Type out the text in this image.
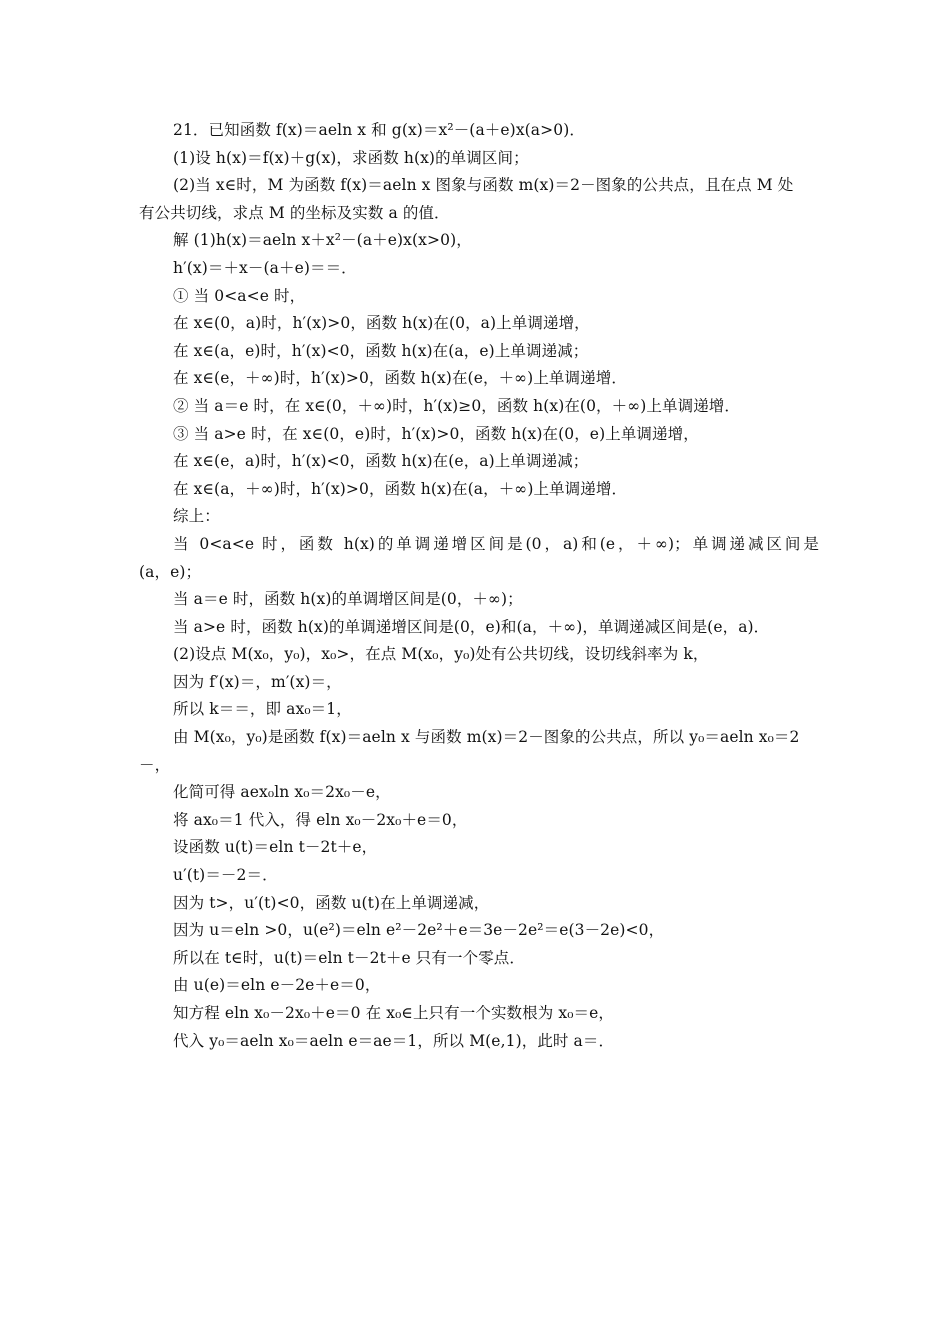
21．已知函数 f(x)＝aeln x 和 g(x)＝x²－(a＋e)x(a>0)．
(1)设 h(x)＝f(x)＋g(x)，求函数 h(x)的单调区间；
(2)当 x∈时，M 为函数 f(x)＝aeln x 图象与函数 m(x)＝2－图象的公共点，且在点 M 处
有公共切线，求点 M 的坐标及实数 a 的值．
解 (1)h(x)＝aeln x＋x²－(a＋e)x(x>0)，
h′(x)＝＋x－(a＋e)＝＝．
① 当 0<a<e 时，
在 x∈(0，a)时，h′(x)>0，函数 h(x)在(0，a)上单调递增，
在 x∈(a，e)时，h′(x)<0，函数 h(x)在(a，e)上单调递减；
在 x∈(e，＋∞)时，h′(x)>0，函数 h(x)在(e，＋∞)上单调递增．
② 当 a＝e 时，在 x∈(0，＋∞)时，h′(x)≥0，函数 h(x)在(0，＋∞)上单调递增．
③ 当 a>e 时，在 x∈(0，e)时，h′(x)>0，函数 h(x)在(0，e)上单调递增，
在 x∈(e，a)时，h′(x)<0，函数 h(x)在(e，a)上单调递减；
在 x∈(a，＋∞)时，h′(x)>0，函数 h(x)在(a，＋∞)上单调递增．
综上：
当 0<a<e 时，函数 h(x)的单调递增区间是(0，a)和(e，＋∞)；单调递减区间是
(a，e)；
当 a＝e 时，函数 h(x)的单调增区间是(0，＋∞)；
当 a>e 时，函数 h(x)的单调递增区间是(0，e)和(a，＋∞)，单调递减区间是(e，a)．
(2)设点 M(x₀，y₀)，x₀>，在点 M(x₀，y₀)处有公共切线，设切线斜率为 k，
因为 f′(x)＝，m′(x)＝，
所以 k＝＝，即 ax₀＝1，
由 M(x₀，y₀)是函数 f(x)＝aeln x 与函数 m(x)＝2－图象的公共点，所以 y₀＝aeln x₀＝2
－，
化简可得 aex₀ln x₀＝2x₀－e，
将 ax₀＝1 代入，得 eln x₀－2x₀＋e＝0，
设函数 u(t)＝eln t－2t＋e，
u′(t)＝－2＝．
因为 t>，u′(t)<0，函数 u(t)在上单调递减，
因为 u＝eln >0，u(e²)＝eln e²－2e²＋e＝3e－2e²＝e(3－2e)<0，
所以在 t∈时，u(t)＝eln t－2t＋e 只有一个零点．
由 u(e)＝eln e－2e＋e＝0，
知方程 eln x₀－2x₀＋e＝0 在 x₀∈上只有一个实数根为 x₀＝e，
代入 y₀＝aeln x₀＝aeln e＝ae＝1，所以 M(e,1)，此时 a＝．
